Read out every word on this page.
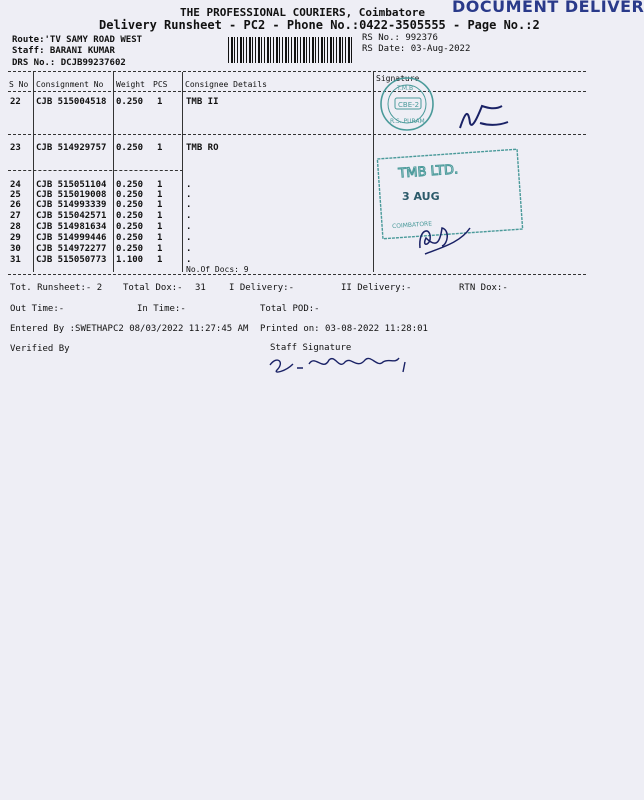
DOCUMENT DELIVER
THE PROFESSIONAL COURIERS, Coimbatore
Delivery Runsheet - PC2 - Phone No.:0422-3505555 - Page No.:2
Route:'TV SAMY ROAD WEST
Staff: BARANI KUMAR
DRS No.: DCJB99237602
RS No.: 992376
RS Date: 03-Aug-2022
S No Consignment No Weight PCS Consignee Details
Signature
22 CJB 515004518 0.250 1	TMB II
23 CJB 514929757 0.250 1	TMB RO
24 CJB 515051104 0.250 1	.
25 CJB 515019008 0.250 1	.
26 CJB 514993339 0.250 1	.
27 CJB 515042571 0.250 1	.
28 CJB 514981634 0.250 1	.
29 CJB 514999446 0.250 1	.
30 CJB 514972277 0.250 1	.
31 CJB 515050773 1.100 1	.
No.Of Docs: 9
CBE-2
T.M.B
R.S. PURAM
TMB LTD.
3 AUG
COIMBATORE
Tot. Runsheet:- 2 Total Dox:- 31	I Delivery:-	II Delivery:-	RTN Dox:-
Out Time:-	In Time:-	Total POD:-
Entered By :SWETHAPC2 08/03/2022 11:27:45 AM Printed on: 03-08-2022 11:28:01
Verified By	Staff Signature
